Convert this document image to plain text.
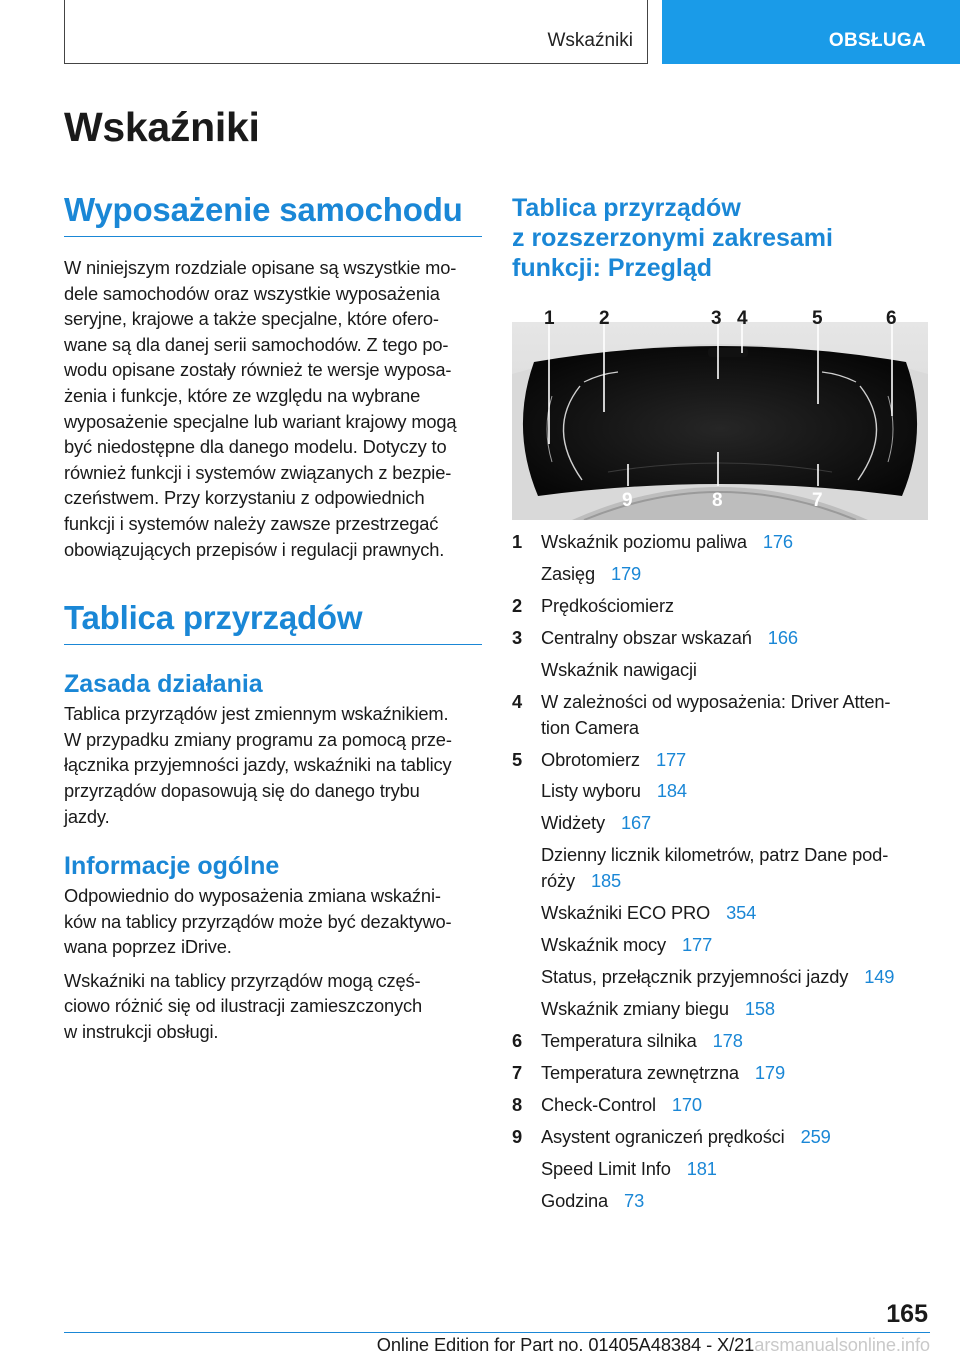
Wskaźniki	OBSŁUGA
Wskaźniki
Wyposażenie samochodu
W niniejszym rozdziale opisane są wszystkie mo‐
dele samochodów oraz wszystkie wyposażenia
seryjne, krajowe a także specjalne, które ofero‐
wane są dla danej serii samochodów. Z tego po‐
wodu opisane zostały również te wersje wyposa‐
żenia i funkcje, które ze względu na wybrane
wyposażenie specjalne lub wariant krajowy mogą
być niedostępne dla danego modelu. Dotyczy to
również funkcji i systemów związanych z bezpie‐
czeństwem. Przy korzystaniu z odpowiednich
funkcji i systemów należy zawsze przestrzegać
obowiązujących przepisów i regulacji prawnych.
Tablica przyrządów
Zasada działania
Tablica przyrządów jest zmiennym wskaźnikiem.
W przypadku zmiany programu za pomocą prze‐
łącznika przyjemności jazdy, wskaźniki na tablicy
przyrządów dopasowują się do danego trybu
jazdy.
Informacje ogólne
Odpowiednio do wyposażenia zmiana wskaźni‐
ków na tablicy przyrządów może być dezaktywo‐
wana poprzez iDrive.
Wskaźniki na tablicy przyrządów mogą częś‐
ciowo różnić się od ilustracji zamieszczonych
w instrukcji obsługi.
Tablica przyrządów
z rozszerzonymi zakresami
funkcji: Przegląd
1 2	3 4	5	6
9	8	7
1	Wskaźnik poziomu paliwa 176
Zasięg 179
2	Prędkościomierz
3	Centralny obszar wskazań 166
Wskaźnik nawigacji
4	W zależności od wyposażenia: Driver Atten‐
tion Camera
5	Obrotomierz 177
Listy wyboru 184
Widżety 167
Dzienny licznik kilometrów, patrz Dane pod‐
róży 185
Wskaźniki ECO PRO 354
Wskaźnik mocy 177
Status, przełącznik przyjemności jazdy 149
Wskaźnik zmiany biegu 158
6	Temperatura silnika 178
7	Temperatura zewnętrzna 179
8	Check-Control 170
9	Asystent ograniczeń prędkości 259
Speed Limit Info 181
Godzina 73
165
Online Edition for Part no. 01405A48384 - X/21arsmanualsonline.info
